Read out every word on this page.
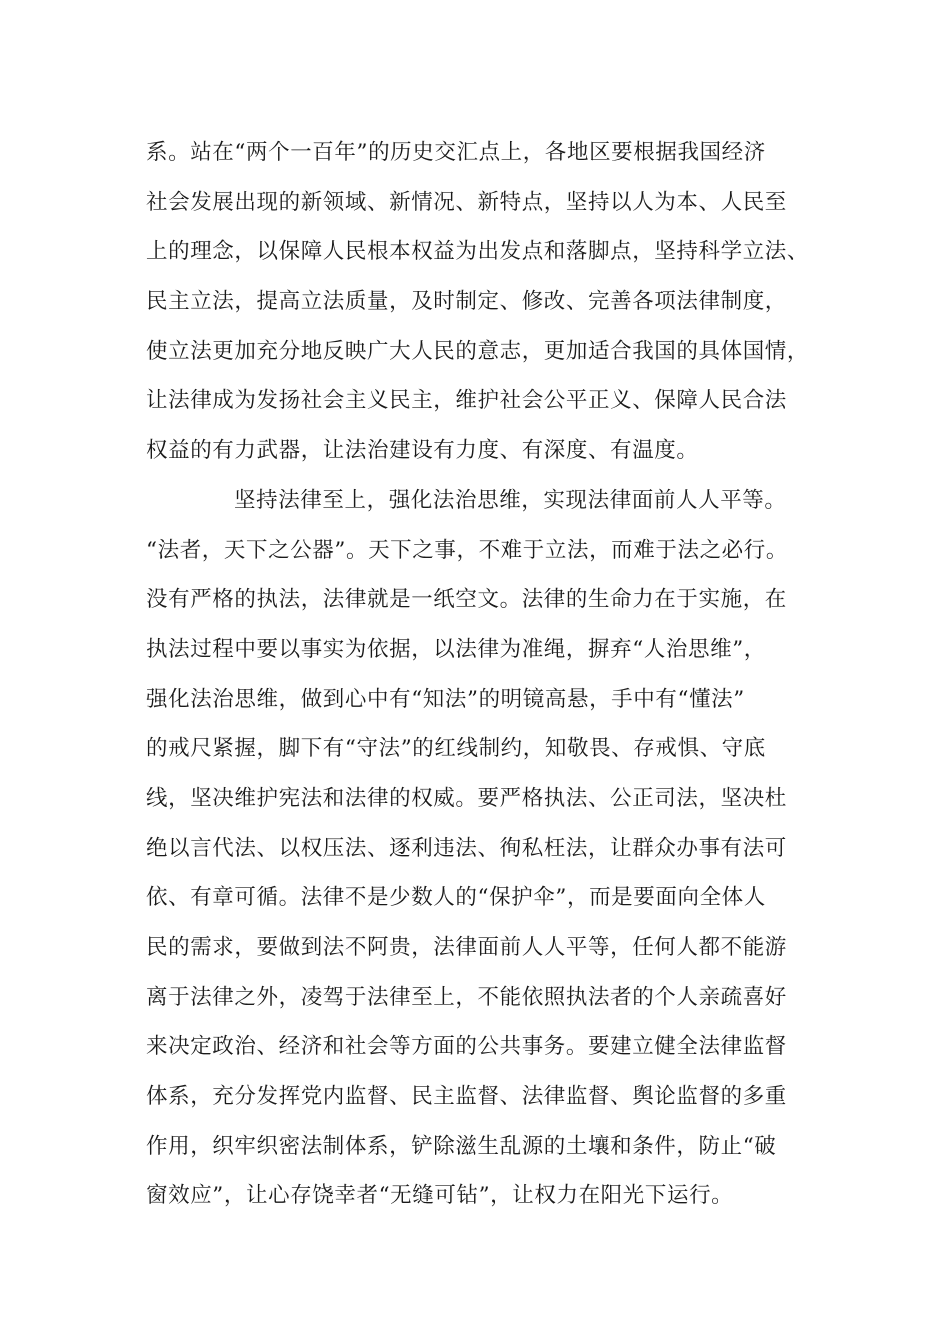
系。站在“两个一百年”的历史交汇点上，各地区要根据我国经济
社会发展出现的新领域、新情况、新特点，坚持以人为本、人民至
上的理念，以保障人民根本权益为出发点和落脚点，坚持科学立法、
民主立法，提高立法质量，及时制定、修改、完善各项法律制度，
使立法更加充分地反映广大人民的意志，更加适合我国的具体国情，
让法律成为发扬社会主义民主，维护社会公平正义、保障人民合法
权益的有力武器，让法治建设有力度、有深度、有温度。
坚持法律至上，强化法治思维，实现法律面前人人平等。
“法者，天下之公器”。天下之事，不难于立法，而难于法之必行。
没有严格的执法，法律就是一纸空文。法律的生命力在于实施，在
执法过程中要以事实为依据，以法律为准绳，摒弃“人治思维”，
强化法治思维，做到心中有“知法”的明镜高悬，手中有“懂法”
的戒尺紧握，脚下有“守法”的红线制约，知敬畏、存戒惧、守底
线，坚决维护宪法和法律的权威。要严格执法、公正司法，坚决杜
绝以言代法、以权压法、逐利违法、徇私枉法，让群众办事有法可
依、有章可循。法律不是少数人的“保护伞”，而是要面向全体人
民的需求，要做到法不阿贵，法律面前人人平等，任何人都不能游
离于法律之外，凌驾于法律至上，不能依照执法者的个人亲疏喜好
来决定政治、经济和社会等方面的公共事务。要建立健全法律监督
体系，充分发挥党内监督、民主监督、法律监督、舆论监督的多重
作用，织牢织密法制体系，铲除滋生乱源的土壤和条件，防止“破
窗效应”，让心存饶幸者“无缝可钻”，让权力在阳光下运行。
